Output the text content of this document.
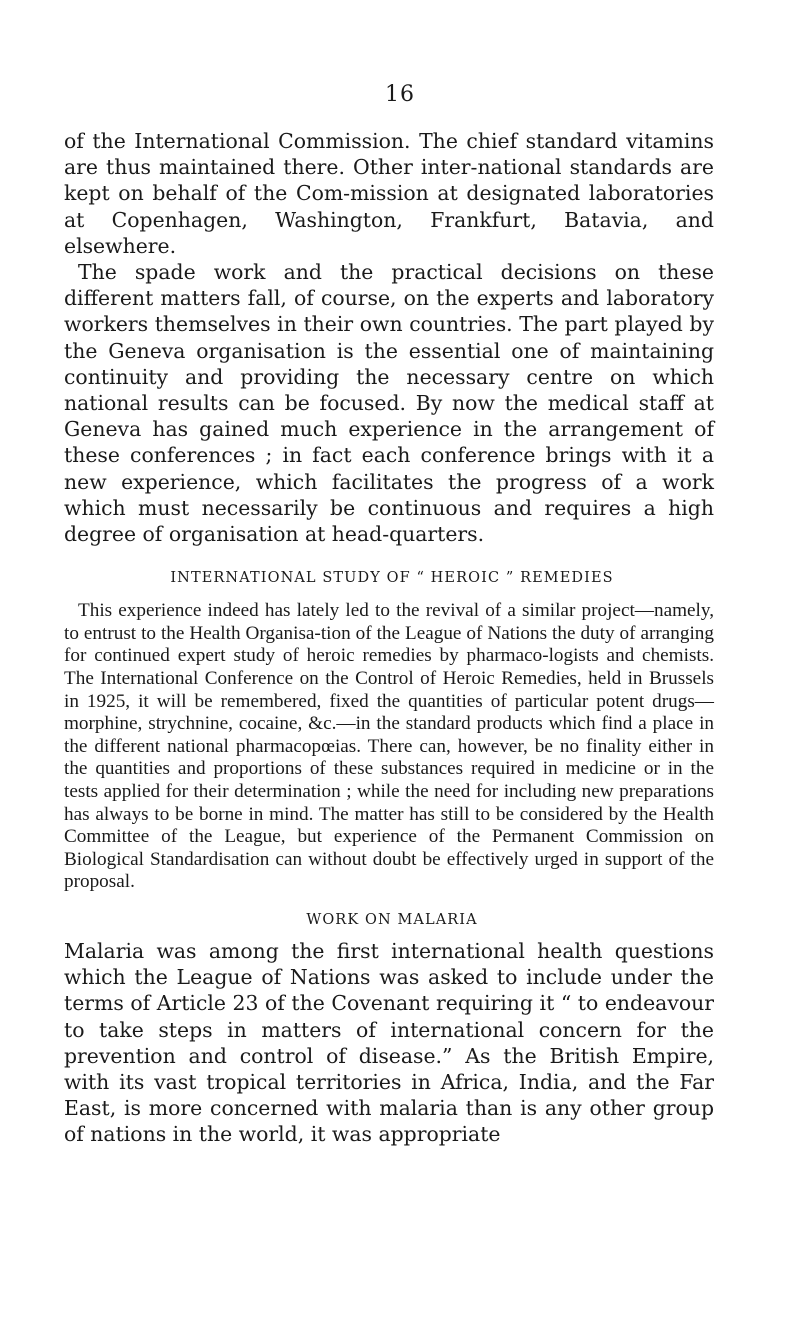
16

of the International Commission. The chief standard vitamins are thus maintained there. Other inter-national standards are kept on behalf of the Com-mission at designated laboratories at Copenhagen, Washington, Frankfurt, Batavia, and elsewhere.

The spade work and the practical decisions on these different matters fall, of course, on the experts and laboratory workers themselves in their own countries. The part played by the Geneva organisation is the essential one of maintaining continuity and providing the necessary centre on which national results can be focused. By now the medical staff at Geneva has gained much experience in the arrangement of these conferences ; in fact each conference brings with it a new experience, which facilitates the progress of a work which must necessarily be continuous and requires a high degree of organisation at head-quarters.

INTERNATIONAL STUDY OF “ HEROIC ” REMEDIES

This experience indeed has lately led to the revival of a similar project—namely, to entrust to the Health Organisa-tion of the League of Nations the duty of arranging for continued expert study of heroic remedies by pharmaco-logists and chemists. The International Conference on the Control of Heroic Remedies, held in Brussels in 1925, it will be remembered, fixed the quantities of particular potent drugs—morphine, strychnine, cocaine, &c.—in the standard products which find a place in the different national pharmacopœias. There can, however, be no finality either in the quantities and proportions of these substances required in medicine or in the tests applied for their determination ; while the need for including new preparations has always to be borne in mind. The matter has still to be considered by the Health Committee of the League, but experience of the Permanent Commission on Biological Standardisation can without doubt be effectively urged in support of the proposal.

WORK ON MALARIA

Malaria was among the first international health questions which the League of Nations was asked to include under the terms of Article 23 of the Covenant requiring it “ to endeavour to take steps in matters of international concern for the prevention and control of disease.” As the British Empire, with its vast tropical territories in Africa, India, and the Far East, is more concerned with malaria than is any other group of nations in the world, it was appropriate
